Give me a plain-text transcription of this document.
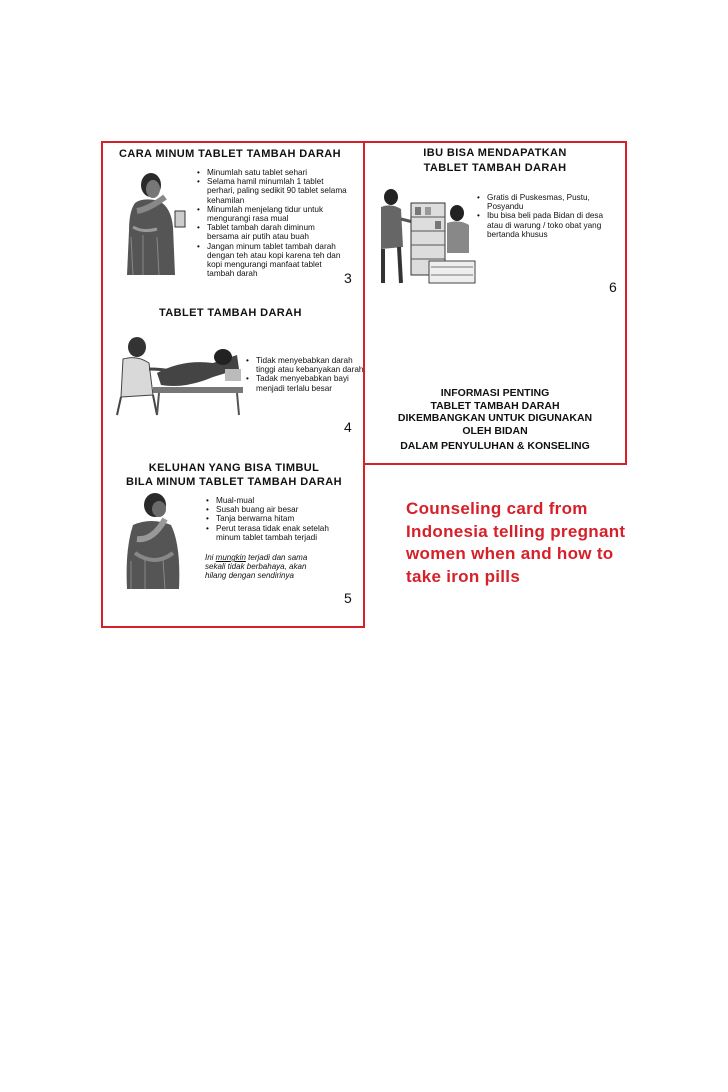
CARA MINUM TABLET TAMBAH DARAH
• Minumlah satu tablet sehari
• Selama hamil minumlah 1 tablet perhari, paling sedikit 90 tablet selama kehamilan
• Minumlah menjelang tidur untuk mengurangi rasa mual
• Tablet tambah darah diminum bersama air putih atau buah
• Jangan minum tablet tambah darah dengan teh atau kopi karena teh dan kopi mengurangi manfaat tablet tambah darah	3
TABLET TAMBAH DARAH
• Tidak menyebabkan darah tinggi atau kebanyakan darah
• Tadak menyebabkan bayi menjadi terlalu besar
4
KELUHAN YANG BISA TIMBUL
BILA MINUM TABLET TAMBAH DARAH
• Mual-mual
• Susah buang air besar
• Tanja berwarna hitam
• Perut terasa tidak enak setelah minum tablet tambah terjadi
Ini mungkin terjadi dan sama sekali tidak berbahaya, akan hilang dengan sendirinya
5
IBU BISA MENDAPATKAN
TABLET TAMBAH DARAH
• Gratis di Puskesmas, Pustu, Posyandu
• Ibu bisa beli pada Bidan di desa atau di warung / toko obat yang bertanda khusus
6
INFORMASI PENTING
TABLET TAMBAH DARAH
DIKEMBANGKAN UNTUK DIGUNAKAN
OLEH BIDAN
DALAM PENYULUHAN & KONSELING
Counseling card from Indonesia telling pregnant women when and how to take iron pills
